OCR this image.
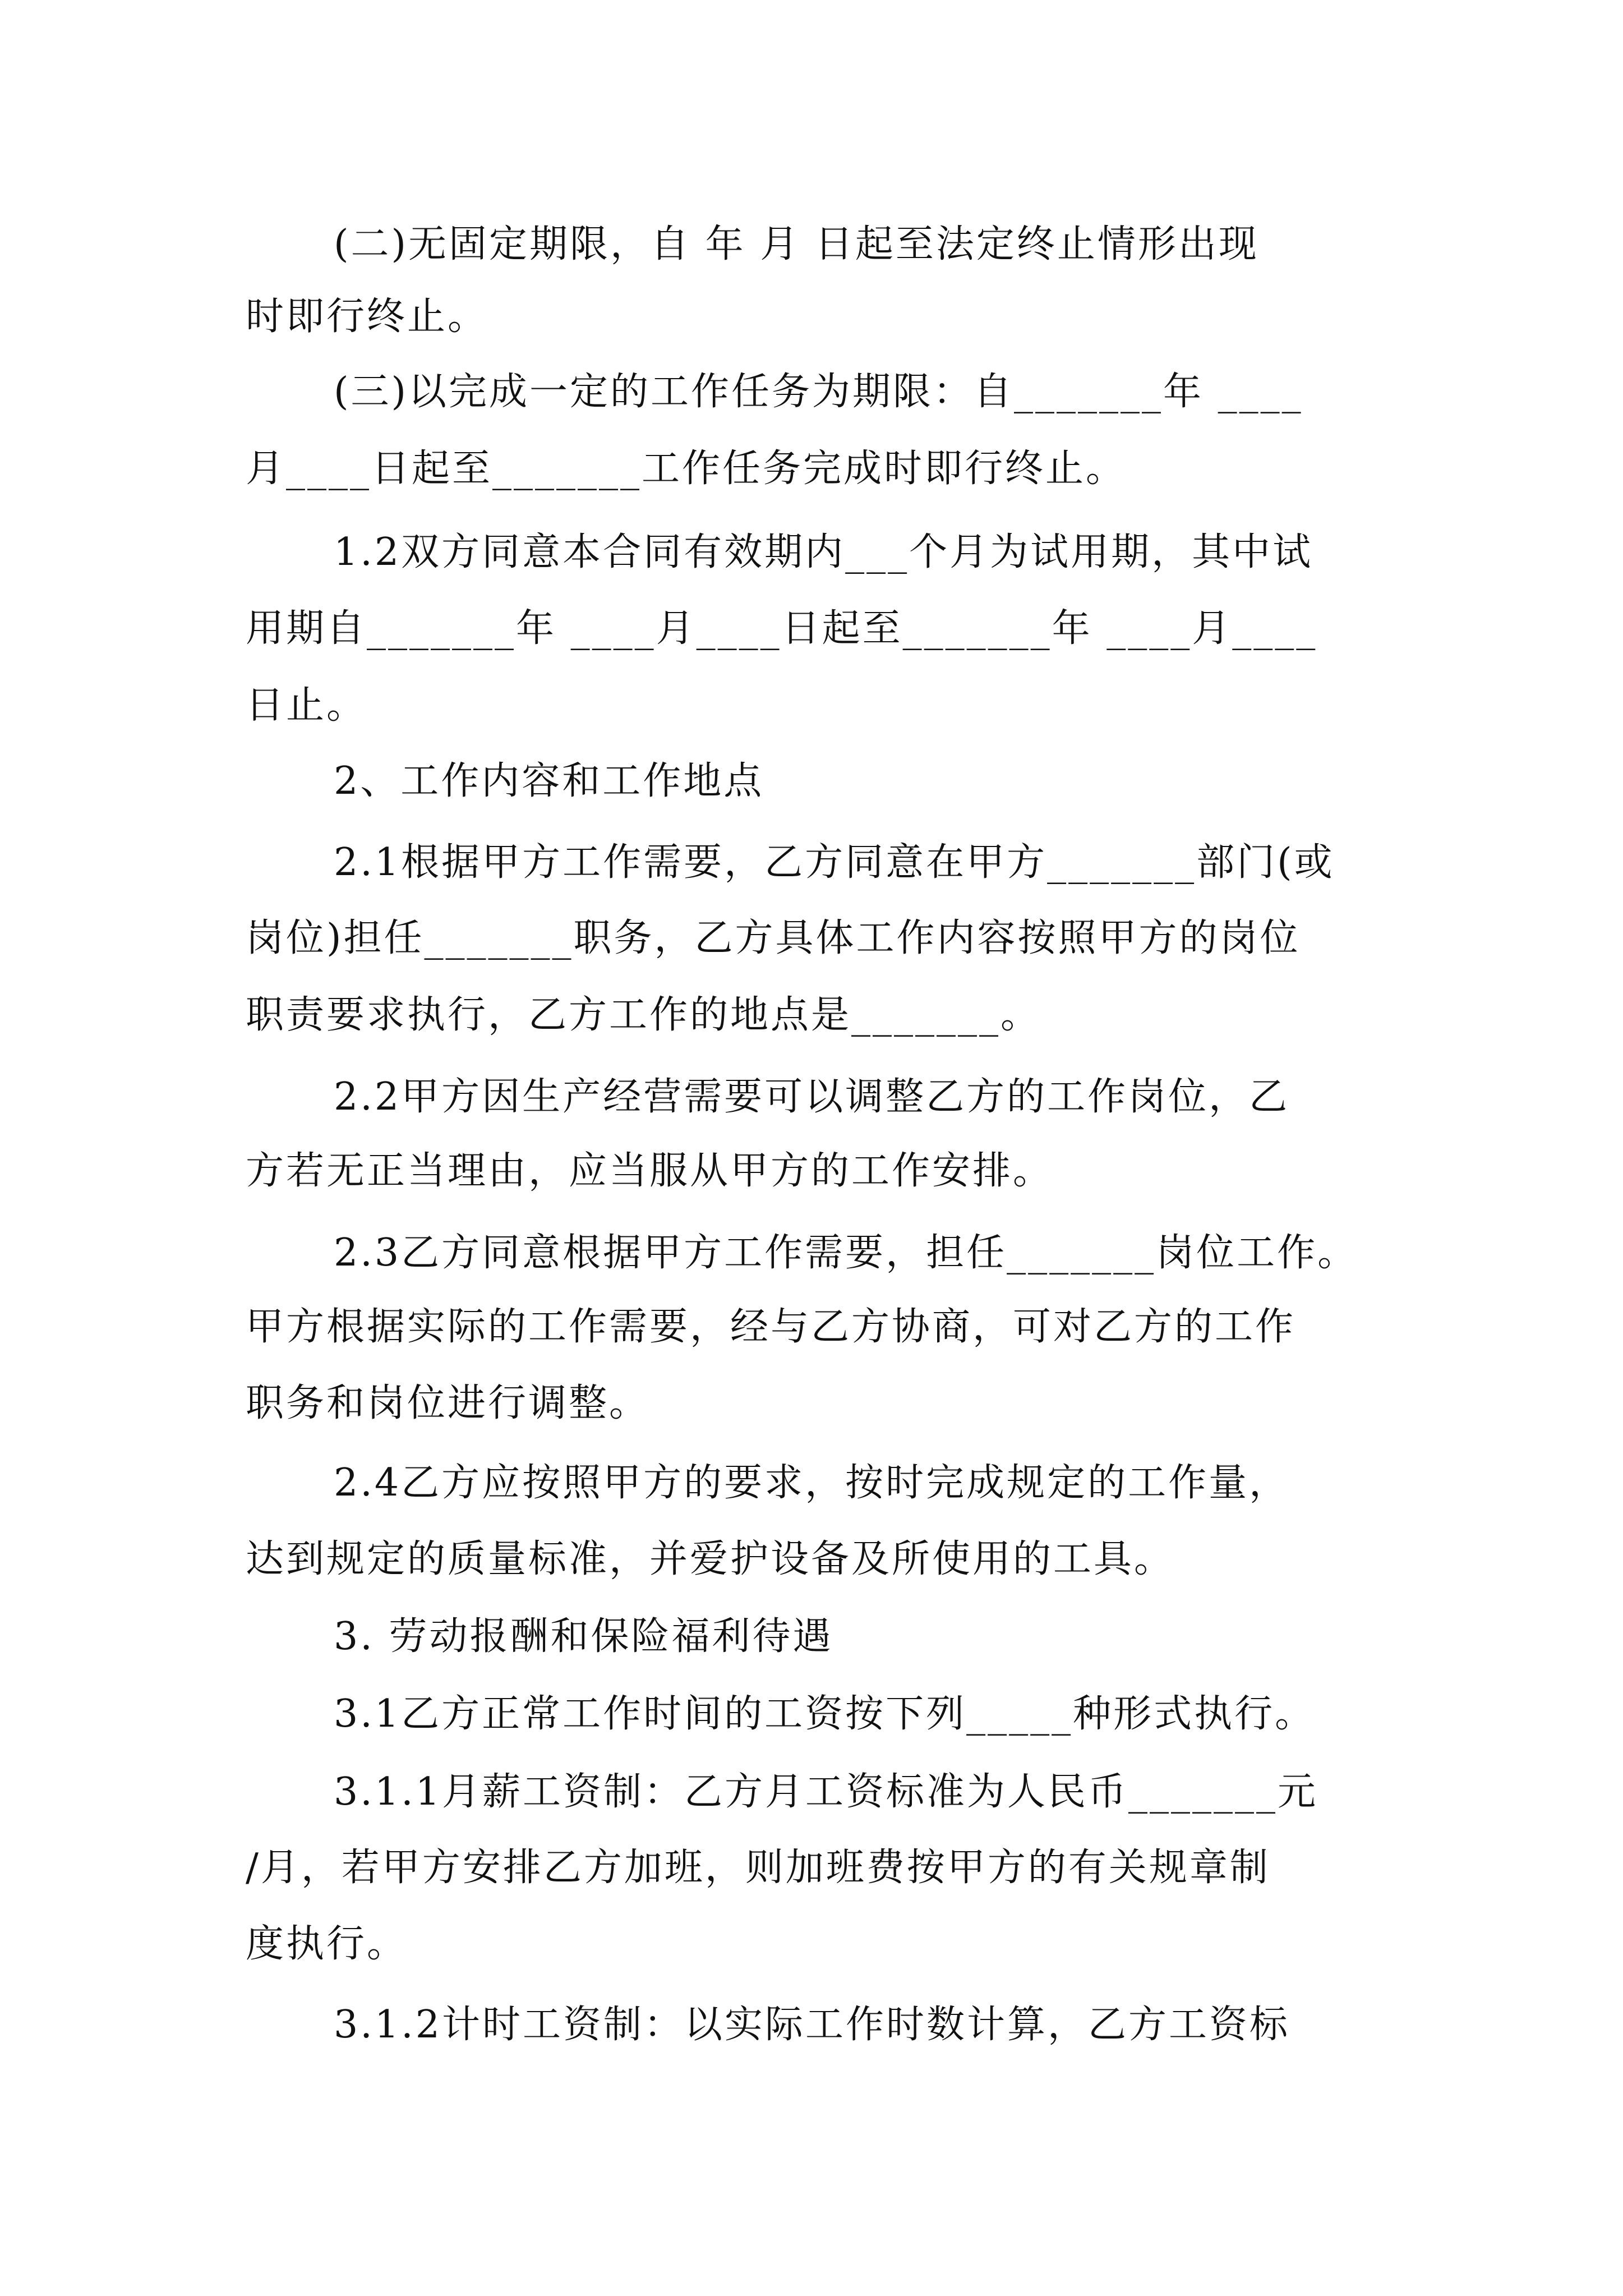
(二)无固定期限，自 年 月 日起至法定终止情形出现
时即行终止。
(三)以完成一定的工作任务为期限：自_______年 ____
月____日起至_______工作任务完成时即行终止。
1.2双方同意本合同有效期内___个月为试用期，其中试
用期自_______年 ____月____日起至_______年 ____月____
日止。
2、工作内容和工作地点
2.1根据甲方工作需要，乙方同意在甲方_______部门(或
岗位)担任_______职务，乙方具体工作内容按照甲方的岗位
职责要求执行，乙方工作的地点是_______。
2.2甲方因生产经营需要可以调整乙方的工作岗位，乙
方若无正当理由，应当服从甲方的工作安排。
2.3乙方同意根据甲方工作需要，担任_______岗位工作。
甲方根据实际的工作需要，经与乙方协商，可对乙方的工作
职务和岗位进行调整。
2.4乙方应按照甲方的要求，按时完成规定的工作量，
达到规定的质量标准，并爱护设备及所使用的工具。
3. 劳动报酬和保险福利待遇
3.1乙方正常工作时间的工资按下列_____种形式执行。
3.1.1月薪工资制：乙方月工资标准为人民币_______元
/月，若甲方安排乙方加班，则加班费按甲方的有关规章制
度执行。
3.1.2计时工资制：以实际工作时数计算，乙方工资标
